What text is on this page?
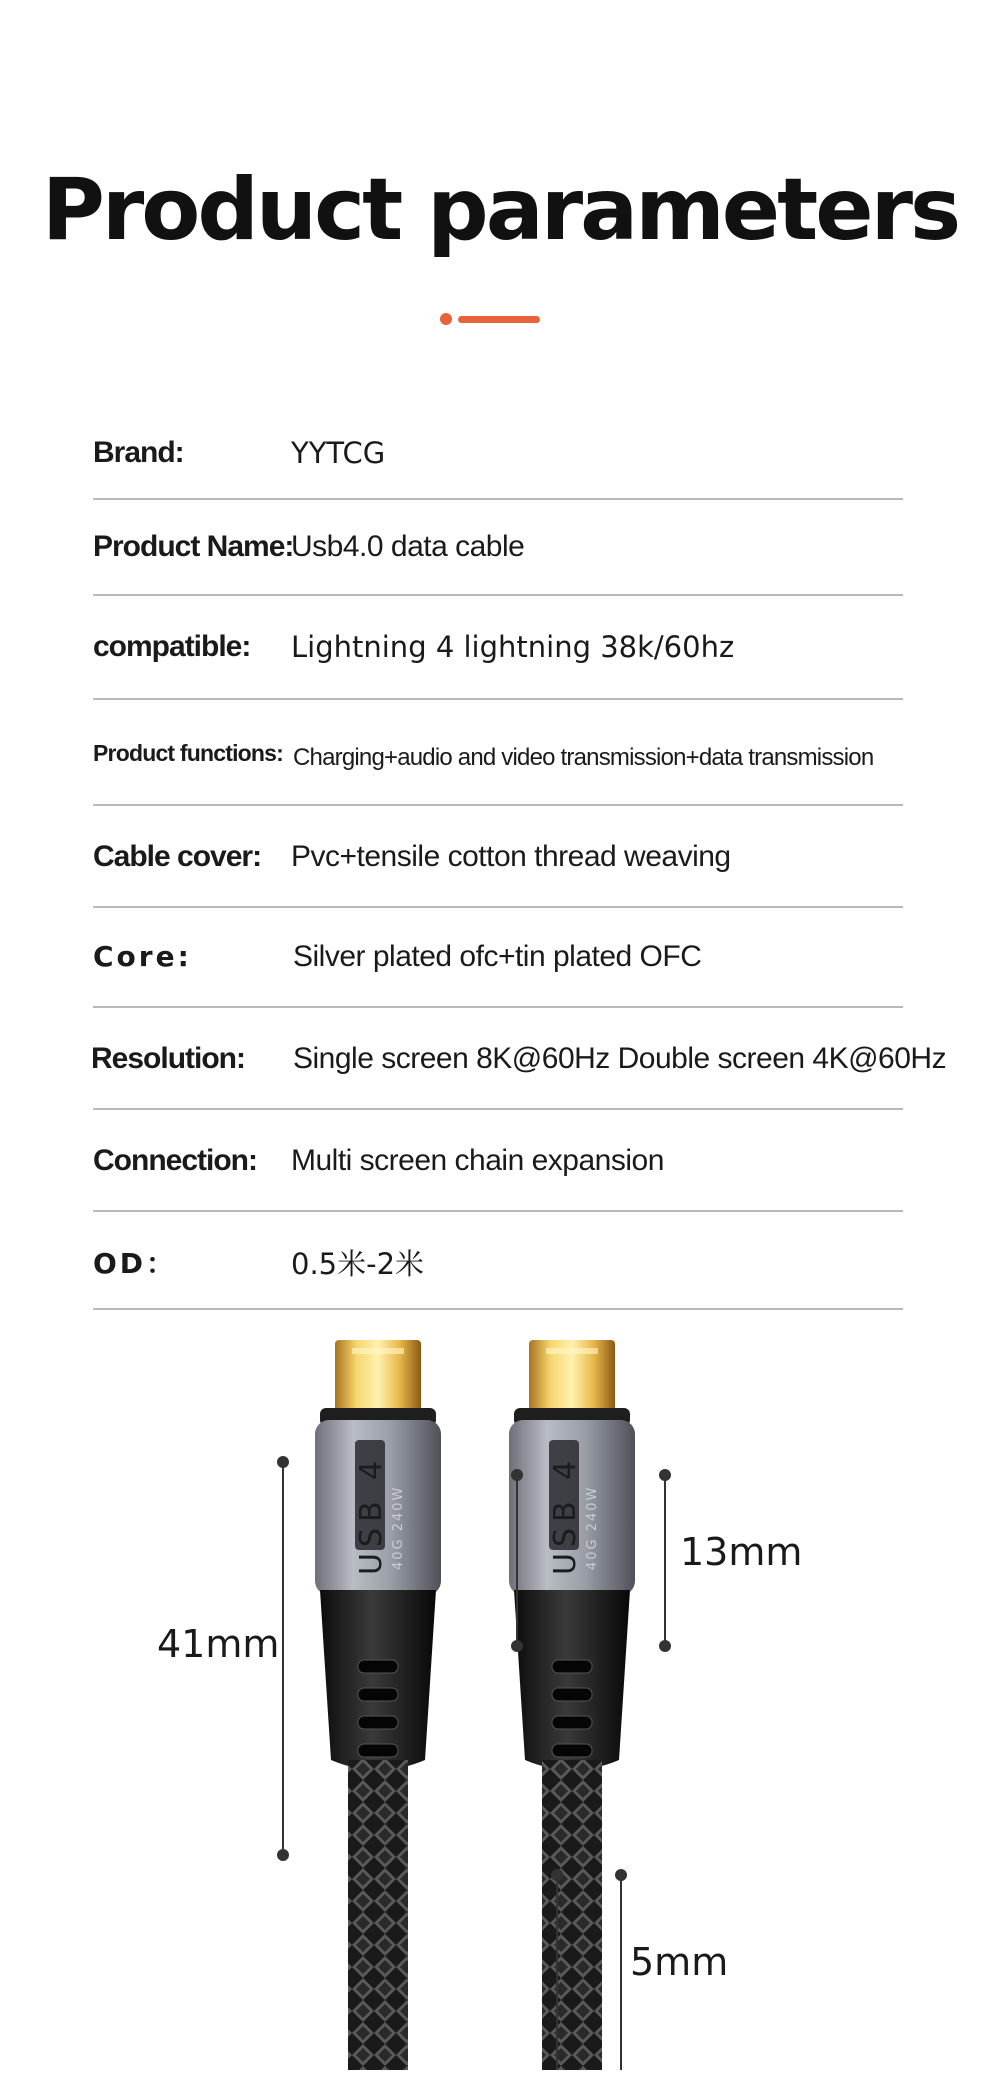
Product parameters
Brand:	YYTCG
Product Name:
Usb4.0 data cable
compatible: Lightning 4 lightning 38k/60hz
Product functions: Charging+audio and video transmission+data transmission
Cable cover: Pvc+tensile cotton thread weaving
Core:	Silver plated ofc+tin plated OFC
Resolution: Single screen 8K@60Hz Double screen 4K@60Hz
Connection: Multi screen chain expansion
OD：	0.5米-2米
USB 4 40G 240W	USB 4 40G 240W
41mm
13mm
5mm
